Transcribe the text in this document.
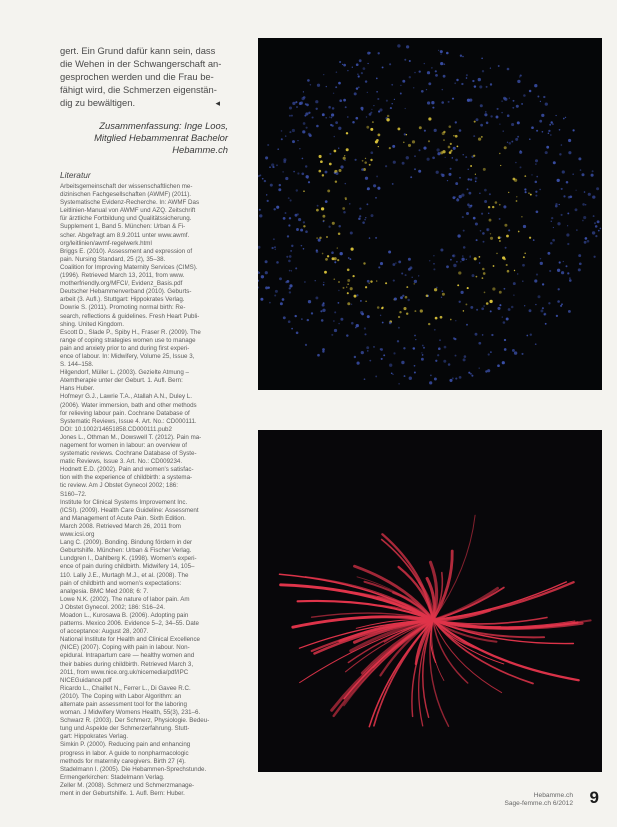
gert. Ein Grund dafür kann sein, dass
die Wehen in der Schwangerschaft an-
gesprochen werden und die Frau be-
fähigt wird, die Schmerzen eigenstän-
dig zu bewältigen.	◂
Zusammenfassung: Inge Loos,
Mitglied Hebammenrat Bachelor
Hebamme.ch
Literatur

Arbeitsgemeinschaft der wissenschaftlichen me-
dizinischen Fachgesellschaften (AWMF) (2011).
Systematische Evidenz-Recherche. In: AWMF Das
Leitlinien-Manual von AWMF und ÄZQ. Zeitschrift
für ärztliche Fortbildung und Qualitätssicherung.
Supplement 1, Band 5. München: Urban & Fi-
scher. Abgefragt am 8.9.2011 unter www.awmf.
org/leitlinien/awmf-regelwerk.html
Briggs E. (2010). Assessment and expression of
pain. Nursing Standard, 25 (2), 35–38.
Coalition for Improving Maternity Services (CIMS).
(1996). Retrieved March 13, 2011, from www.
motherfriendly.org/MFCI/, Evidenz_Basis.pdf
Deutscher Hebammenverband (2010). Geburts-
arbeit (3. Aufl.). Stuttgart: Hippokrates Verlag.
Dowrie S. (2011). Promoting normal birth: Re-
search, reflections & guidelines. Fresh Heart Publi-
shing. United Kingdom.
Escott D., Slade P., Spiby H., Fraser R. (2009). The
range of coping strategies women use to manage
pain and anxiety prior to and during first experi-
ence of labour. In: Midwifery, Volume 25, Issue 3,
S. 144–158.
Hilgendorf, Müller L. (2003). Gezielte Atmung –
Atemtherapie unter der Geburt. 1. Aufl. Bern:
Hans Huber.
Hofmeyr G.J., Lawrie T.A., Atallah A.N., Duley L.
(2006). Water immersion, bath and other methods
for relieving labour pain. Cochrane Database of
Systematic Reviews, Issue 4. Art. No.: CD000111.
DOI: 10.1002/14651858.CD000111.pub2
Jones L., Othman M., Dowswell T. (2012). Pain ma-
nagement for women in labour: an overview of
systematic reviews. Cochrane Database of Syste-
matic Reviews, Issue 3. Art. No.: CD009234.
Hodnett E.D. (2002). Pain and women's satisfac-
tion with the experience of childbirth: a systema-
tic review. Am J Obstet Gynecol 2002; 186:
S160–72.
Institute for Clinical Systems Improvement Inc.
(ICSI). (2009). Health Care Guideline: Assessment
and Management of Acute Pain. Sixth Edition.
March 2008. Retrieved March 26, 2011 from
www.icsi.org
Lang C. (2009). Bonding. Bindung fördern in der
Geburtshilfe. München: Urban & Fischer Verlag.
Lundgren I., Dahlberg K. (1998). Women's experi-
ence of pain during childbirth. Midwifery 14, 105–
110. Lally J.E., Murtagh M.J., et al. (2008). The
pain of childbirth and women's expectations:
analgesia. BMC Med 2008; 6: 7.
Lowe N.K. (2002). The nature of labor pain. Am
J Obstet Gynecol. 2002; 186: S16–24.
Moadon L., Kurosawa B. (2006). Adopting pain
patterns. Mexico 2006. Evidence 5–2, 34–55. Date
of acceptance: August 28, 2007.
National Institute for Health and Clinical Excellence
(NICE) (2007). Coping with pain in labour. Non-
epidural. Intrapartum care — healthy women and
their babies during childbirth. Retrieved March 3,
2011, from www.nice.org.uk/nicemedia/pdf/IPC
NICEGuidance.pdf
Ricardo L., Chaillet N., Ferrer L., Di Gavee R.C.
(2010). The Coping with Labor Algorithm: an
alternate pain assessment tool for the laboring
woman. J Midwifery Womens Health, 55(3), 231–6.
Schwarz R. (2003). Der Schmerz, Physiologie. Bedeu-
tung und Aspekte der Schmerzerfahrung. Stutt-
gart: Hippokrates Verlag.
Simkin P. (2000). Reducing pain and enhancing
progress in labor. A guide to nonpharmacologic
methods for maternity caregivers. Birth 27 (4).
Stadelmann I. (2005). Die Hebammen-Sprechstunde.
Ermengerkirchen: Stadelmann Verlag.
Zeller M. (2008). Schmerz und Schmerzmanage-
ment in der Geburtshilfe. 1. Aufl. Bern: Huber.	Hebamme.ch
Sage-femme.ch 6/2012 9
